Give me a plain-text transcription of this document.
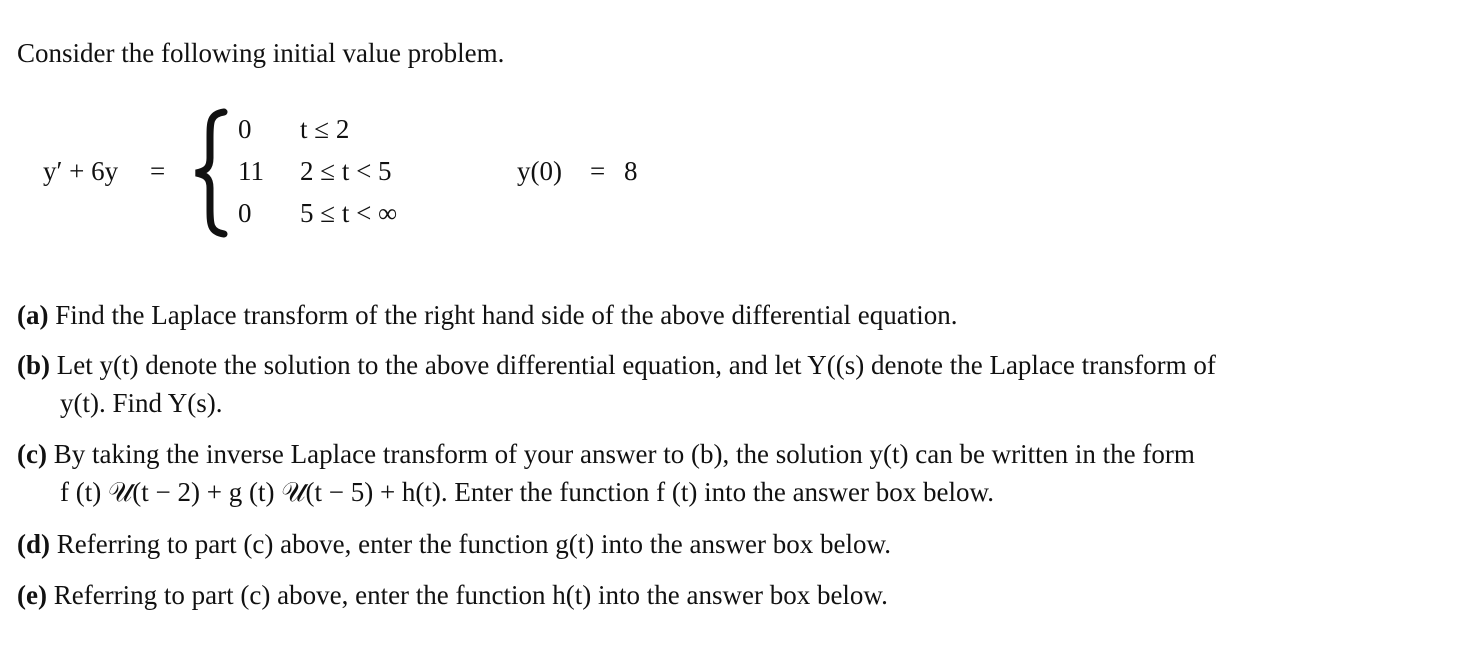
Consider the following initial value problem.
y′ + 6y =
0 t ≤ 2
11 2 ≤ t < 5
0 5 ≤ t < ∞
y(0) = 8
(a) Find the Laplace transform of the right hand side of the above differential equation.
(b) Let y(t) denote the solution to the above differential equation, and let Y((s) denote the Laplace transform of
y(t). Find Y(s).
(c) By taking the inverse Laplace transform of your answer to (b), the solution y(t) can be written in the form
f (t) 𝒰(t − 2) + g (t) 𝒰(t − 5) + h(t). Enter the function f (t) into the answer box below.
(d) Referring to part (c) above, enter the function g(t) into the answer box below.
(e) Referring to part (c) above, enter the function h(t) into the answer box below.
